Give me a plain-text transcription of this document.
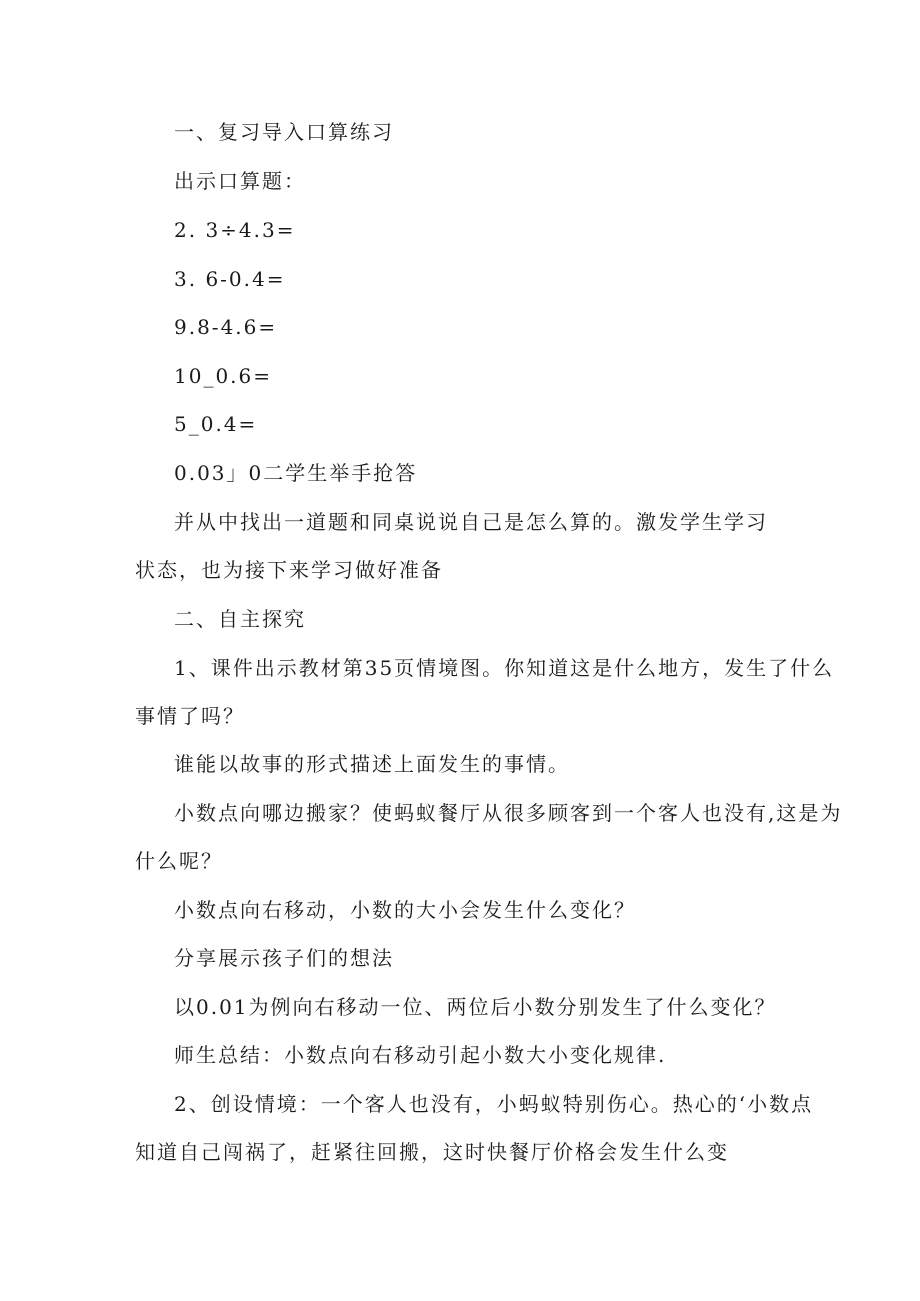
一、复习导入口算练习
出示口算题：
2. 3÷4.3=
3. 6-0.4=
9.8-4.6=
10_0.6=
5_0.4=
0.03」0二学生举手抢答
并从中找出一道题和同桌说说自己是怎么算的。激发学生学习
状态，也为接下来学习做好准备
二、自主探究
1、课件出示教材第35页情境图。你知道这是什么地方，发生了什么
事情了吗？
谁能以故事的形式描述上面发生的事情。
小数点向哪边搬家？使蚂蚁餐厅从很多顾客到一个客人也没有,这是为
什么呢？
小数点向右移动，小数的大小会发生什么变化？
分享展示孩子们的想法
以0.01为例向右移动一位、两位后小数分别发生了什么变化？
师生总结：小数点向右移动引起小数大小变化规律.
2、创设情境：一个客人也没有，小蚂蚁特别伤心。热心的‘小数点
知道自己闯祸了，赶紧往回搬，这时快餐厅价格会发生什么变
